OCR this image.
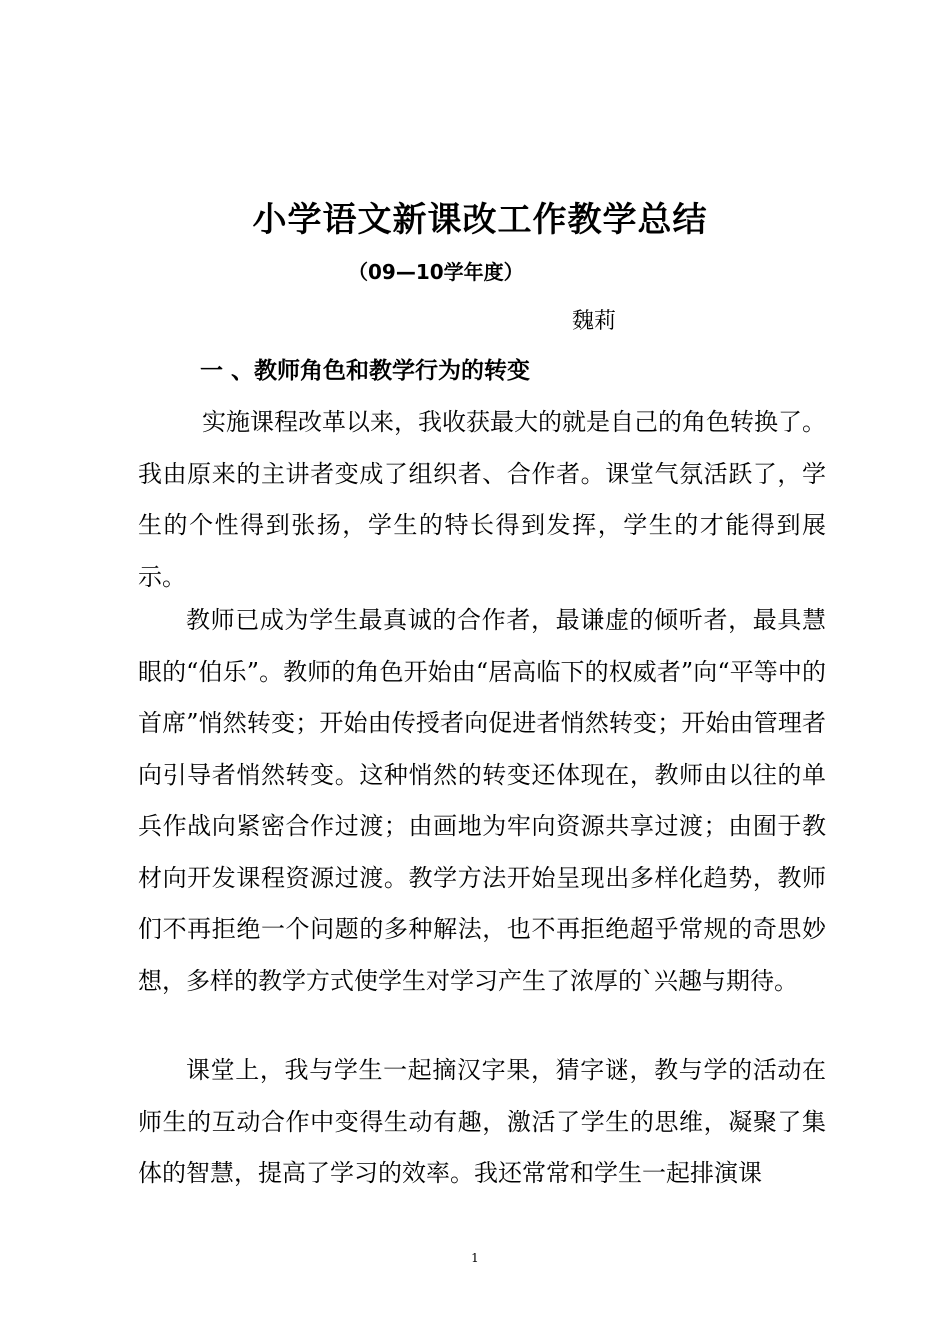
小学语文新课改工作教学总结
（09—10学年度）
魏莉
一 、教师角色和教学行为的转变

实施课程改革以来，我收获最大的就是自己的角色转换了。我由原来的主讲者变成了组织者、合作者。课堂气氛活跃了，学生的个性得到张扬，学生的特长得到发挥，学生的才能得到展示。

教师已成为学生最真诚的合作者，最谦虚的倾听者，最具慧眼的“伯乐”。教师的角色开始由“居高临下的权威者”向“平等中的首席”悄然转变；开始由传授者向促进者悄然转变；开始由管理者向引导者悄然转变。这种悄然的转变还体现在，教师由以往的单兵作战向紧密合作过渡；由画地为牢向资源共享过渡；由囿于教材向开发课程资源过渡。教学方法开始呈现出多样化趋势，教师们不再拒绝一个问题的多种解法，也不再拒绝超乎常规的奇思妙想，多样的教学方式使学生对学习产生了浓厚的`兴趣与期待。

课堂上，我与学生一起摘汉字果，猜字谜，教与学的活动在师生的互动合作中变得生动有趣，激活了学生的思维，凝聚了集体的智慧，提高了学习的效率。我还常常和学生一起排演课

1
